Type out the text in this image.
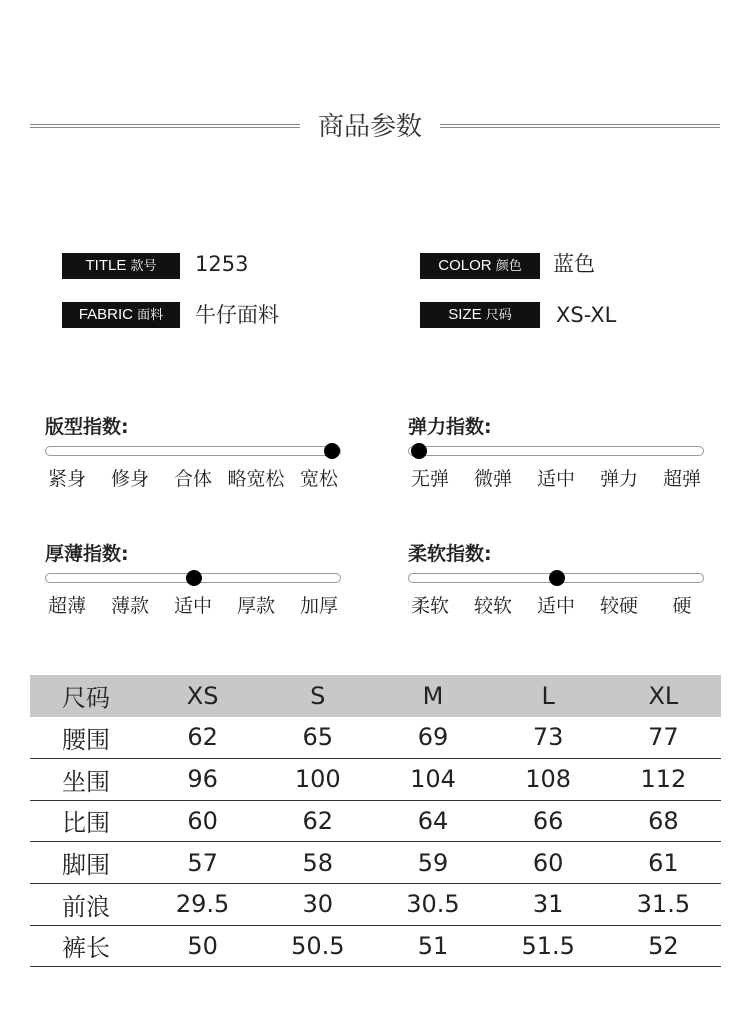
商品参数
TITLE 款号	1253	COLOR 颜色	蓝色
FABRIC 面料	牛仔面料	SIZE 尺码	XS-XL
版型指数:
紧身 修身 合体 略宽松 宽松
弹力指数:
无弹 微弹 适中 弹力 超弹
厚薄指数:
超薄 薄款 适中 厚款 加厚
柔软指数:
柔软 较软 适中 较硬 硬
尺码	XS	S	M	L	XL
腰围	62	65	69	73	77
坐围	96	100	104	108	112
比围	60	62	64	66	68
脚围	57	58	59	60	61
前浪	29.5	30	30.5	31	31.5
裤长	50	50.5	51	51.5	52
